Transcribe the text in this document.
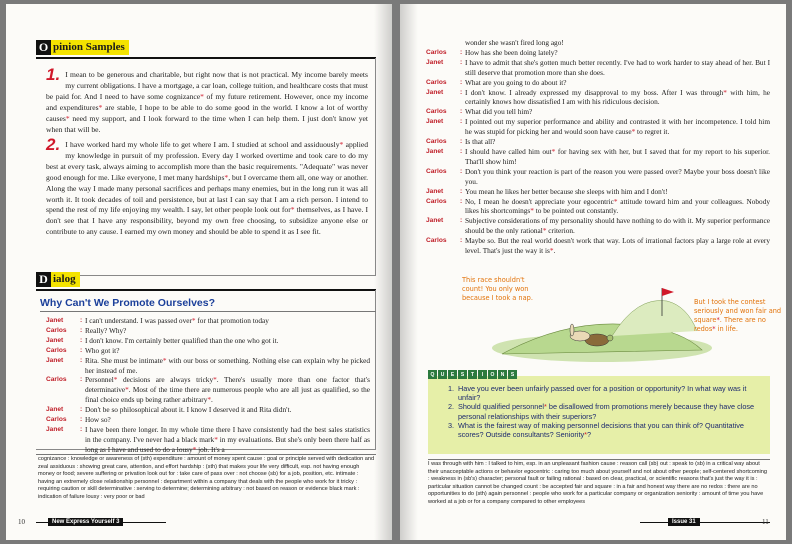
O pinion Samples
1. I mean to be generous and charitable, but right now that is not practical. My income barely meets my current obligations. I have a mortgage, a car loan, college tuition, and healthcare costs that must be paid for. And I need to have some cognizance* of my future retirement. However, once my income and expenditures* are stable, I hope to be able to do some good in the world. I know a lot of worthy causes* need my support, and I look forward to the time when I can help them. I just don't know yet when that will be.
2. I have worked hard my whole life to get where I am. I studied at school and assiduously* applied my knowledge in pursuit of my profession. Every day I worked overtime and took care to do my best at every task, always aiming to accomplish more than the basic requirements. "Adequate" was never good enough for me. Like everyone, I met many hardships*, but I overcame them all, one way or another. Along the way I made many personal sacrifices and perhaps many enemies, but in the long run it was all worth it. It took decades of toil and persistence, but at last I can say that I am a rich person. I intend to spend the rest of my life enjoying my wealth. I say, let other people look out for* themselves, as I have. I don't see that I have any responsibility, beyond my own free choosing, to subsidize anyone else or contribute to any cause. I earned my own money and should be able to spend it as I see fit.
D ialog
Why Can't We Promote Ourselves?
Janet	: I can't understand. I was passed over* for that promotion today
Carlos	: Really? Why?
Janet	: I don't know. I'm certainly better qualified than the one who got it.
Carlos	: Who got it?
Janet	: Rita. She must be intimate* with our boss or something. Nothing else can explain why he picked her instead of me.
Carlos	: Personnel* decisions are always tricky*. There's usually more than one factor that's determinative*. Most of the time there are numerous people who are all just as qualified, so the final choice ends up being rather arbitrary*.
Janet	: Don't be so philosophical about it. I know I deserved it and Rita didn't.
Carlos	: How so?
Janet	: I have been there longer. In my whole time there I have consistently had the best sales statistics in the company. I've never had a black mark* in my evaluations. But she's only been there half as long as I have and used to do a lousy* job. It's a
cognizance : knowledge or awareness of (sth) expenditure : amount of money spent cause : goal or principle served with dedication and zeal assiduous : showing great care, attention, and effort hardship : (sth) that makes your life very difficult, esp. not having enough money or food; severe suffering or privation look out for : take care of pass over : not choose (sb) for a job, position, etc. intimate : having an extremely close relationship personnel : department within a company that deals with the people who work for it tricky : requiring caution or skill determinative : serving to determine; determining arbitrary : not based on reason or evidence black mark : indication of failure lousy : very poor or bad
10	New Express Yourself 3
wonder she wasn't fired long ago!
Carlos	: How has she been doing lately?
Janet	: I have to admit that she's gotten much better recently. I've had to work harder to stay ahead of her. But I still deserve that promotion more than she does.
Carlos	: What are you going to do about it?
Janet	: I don't know. I already expressed my disapproval to my boss. After I was through* with him, he certainly knows how dissatisfied I am with his ridiculous decision.
Carlos	: What did you tell him?
Janet	: I pointed out my superior performance and ability and contrasted it with her incompetence. I told him he was stupid for picking her and would soon have cause* to regret it.
Carlos	: Is that all?
Janet	: I should have called him out* for having sex with her, but I saved that for my report to his superior. That'll show him!
Carlos	: Don't you think your reaction is part of the reason you were passed over? Maybe your boss doesn't like you.
Janet	: You mean he likes her better because she sleeps with him and I don't!
Carlos	: No, I mean he doesn't appreciate your egocentric* attitude toward him and your colleagues. Nobody likes his shortcomings* to be pointed out constantly.
Janet	: Subjective considerations of my personality should have nothing to do with it. My superior performance should be the only rational* criterion.
Carlos	: Maybe so. But the real world doesn't work that way. Lots of irrational factors play a large role at every level. That's just the way it is*.
This race shouldn't count! You only won because I took a nap.	But I took the contest seriously and won fair and square*. There are no redos* in life.
Q	U	E	S	T	I	O	N	S
1. Have you ever been unfairly passed over for a position or opportunity? In what way was it unfair?
2. Should qualified personnel* be disallowed from promotions merely because they have close personal relationships with their superiors?
3. What is the fairest way of making personnel decisions that you can think of? Quantitative scores? Outside consultants? Seniority*?
I was through with him : I talked to him, esp. in an unpleasant fashion cause : reason call (sb) out : speak to (sb) in a critical way about their unacceptable actions or behavior egocentric : caring too much about yourself and not about other people; self-centered shortcoming : weakness in (sb's) character; personal fault or failing rational : based on clear, practical, or scientific reasons that's just the way it is : particular situation cannot be changed count : be accepted fair and square : in a fair and honest way there are no redos : there are no opportunities to do (sth) again personnel : people who work for a particular company or organization seniority : amount of time you have worked at a job or for a company compared to other employees
Issue 31	11
